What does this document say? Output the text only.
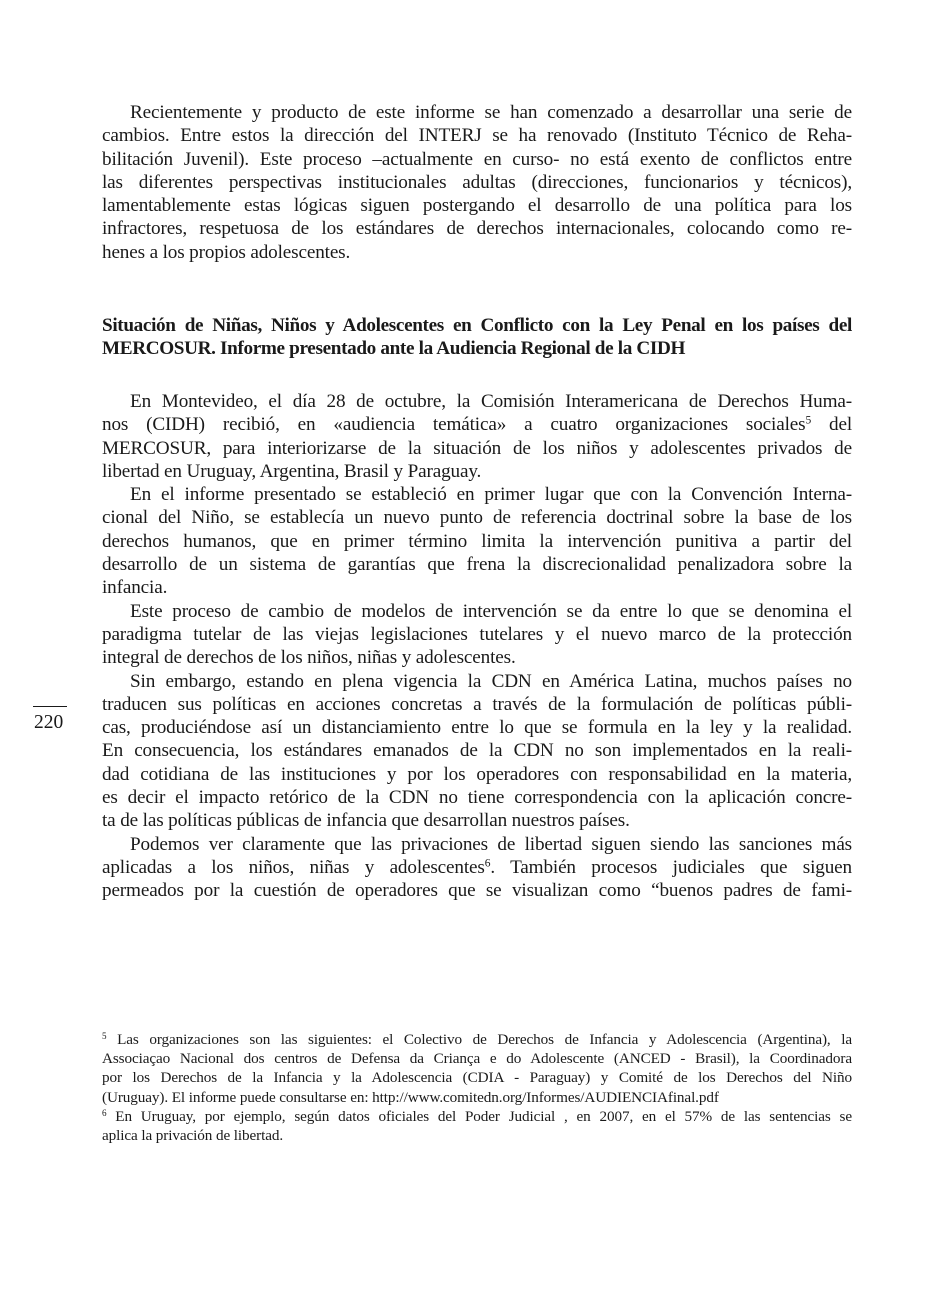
Recientemente y producto de este informe se han comenzado a desarrollar una serie de
cambios. Entre estos la dirección del INTERJ se ha renovado (Instituto Técnico de Reha-
bilitación Juvenil). Este proceso –actualmente en curso- no está exento de conflictos entre
las diferentes perspectivas institucionales adultas (direcciones, funcionarios y técnicos),
lamentablemente estas lógicas siguen postergando el desarrollo de una política para los
infractores, respetuosa de los estándares de derechos internacionales, colocando como re-
henes a los propios adolescentes.
Situación de Niñas, Niños y Adolescentes en Conflicto con la Ley Penal en los países del
MERCOSUR. Informe presentado ante la Audiencia Regional de la CIDH
En Montevideo, el día 28 de octubre, la Comisión Interamericana de Derechos Huma-
nos (CIDH) recibió, en «audiencia temática» a cuatro organizaciones sociales$^5$ del
MERCOSUR, para interiorizarse de la situación de los niños y adolescentes privados de
libertad en Uruguay, Argentina, Brasil y Paraguay.
En el informe presentado se estableció en primer lugar que con la Convención Interna-
cional del Niño, se establecía un nuevo punto de referencia doctrinal sobre la base de los
derechos humanos, que en primer término limita la intervención punitiva a partir del
desarrollo de un sistema de garantías que frena la discrecionalidad penalizadora sobre la
infancia.
Este proceso de cambio de modelos de intervención se da entre lo que se denomina el
paradigma tutelar de las viejas legislaciones tutelares y el nuevo marco de la protección
integral de derechos de los niños, niñas y adolescentes.
Sin embargo, estando en plena vigencia la CDN en América Latina, muchos países no
traducen sus políticas en acciones concretas a través de la formulación de políticas públi-
cas, produciéndose así un distanciamiento entre lo que se formula en la ley y la realidad.
En consecuencia, los estándares emanados de la CDN no son implementados en la reali-
dad cotidiana de las instituciones y por los operadores con responsabilidad en la materia,
es decir el impacto retórico de la CDN no tiene correspondencia con la aplicación concre-
ta de las políticas públicas de infancia que desarrollan nuestros países.
Podemos ver claramente que las privaciones de libertad siguen siendo las sanciones más
aplicadas a los niños, niñas y adolescentes$^6$. También procesos judiciales que siguen
permeados por la cuestión de operadores que se visualizan como “buenos padres de fami-
220
$^5$ Las organizaciones son las siguientes: el Colectivo de Derechos de Infancia y Adolescencia (Argentina), la
Associaçao Nacional dos centros de Defensa da Criança e do Adolescente (ANCED - Brasil), la Coordinadora
por los Derechos de la Infancia y la Adolescencia (CDIA - Paraguay) y Comité de los Derechos del Niño
(Uruguay). El informe puede consultarse en: http://www.comitedn.org/Informes/AUDIENCIAfinal.pdf
$^6$ En Uruguay, por ejemplo, según datos oficiales del Poder Judicial , en 2007, en el 57% de las sentencias se
aplica la privación de libertad.
